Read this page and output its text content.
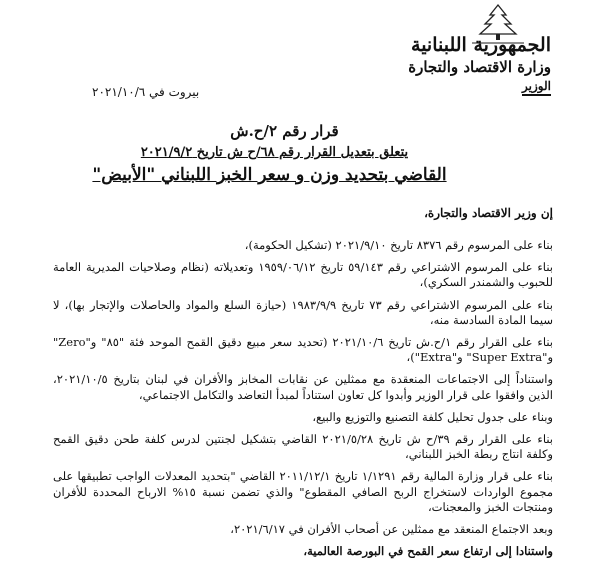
الجمهورية اللبنانية
وزارة الاقتصاد والتجارة
الوزير
بيروت في ٢٠٢١/١٠/٦
قرار رقم ٢/ح.ش
يتعلق بتعديل القرار رقم ٦٨/ح ش تاريخ ٢٠٢١/٩/٢
القاضي بتحديد وزن و سعر الخبز اللبناني "الأبيض"
إن وزير الاقتصاد والتجارة،

بناء على المرسوم رقم ٨٣٧٦ تاريخ ٢٠٢١/٩/١٠ (تشكيل الحكومة)،

بناء على المرسوم الاشتراعي رقم ٥٩/١٤٣ تاريخ ١٩٥٩/٠٦/١٢ وتعديلاته (نظام وصلاحيات المديرية العامة للحبوب والشمندر السكري)،

بناء على المرسوم الاشتراعي رقم ٧٣ تاريخ ١٩٨٣/٩/٩ (حيازة السلع والمواد والحاصلات والإتجار بها)، لا سيما المادة السادسة منه،

بناء على القرار رقم ١/ح.ش تاريخ ٢٠٢١/١٠/٦ (تحديد سعر مبيع دقيق القمح الموحد فئة "٨٥" و"Zero" و"Super Extra" و"Extra")،

واستناداً إلى الاجتماعات المنعقدة مع ممثلين عن نقابات المخابز والأفران في لبنان بتاريخ ٢٠٢١/١٠/٥، الذين وافقوا على قرار الوزير وأبدوا كل تعاون استناداً لمبدأ التعاضد والتكامل الاجتماعي،

وبناء على جدول تحليل كلفة التصنيع والتوزيع والبيع،

بناء على القرار رقم ٣٩/ح ش تاريخ ٢٠٢١/٥/٢٨ القاضي بتشكيل لجنتين لدرس كلفة طحن دقيق القمح وكلفة انتاج ربطة الخبز اللبناني،

بناء على قرار وزارة المالية رقم ١/١٢٩١ تاريخ ٢٠١١/١٢/١ القاضي "بتحديد المعدلات الواجب تطبيقها على مجموع الواردات لاستخراج الربح الصافي المقطوع" والذي تضمن نسبة ١٥% الارباح المحددة للأفران ومنتجات الخبز والمعجنات،

وبعد الاجتماع المنعقد مع ممثلين عن أصحاب الأفران في ٢٠٢١/٦/١٧،

واستنادا إلى ارتفاع سعر القمح في البورصة العالمية،
